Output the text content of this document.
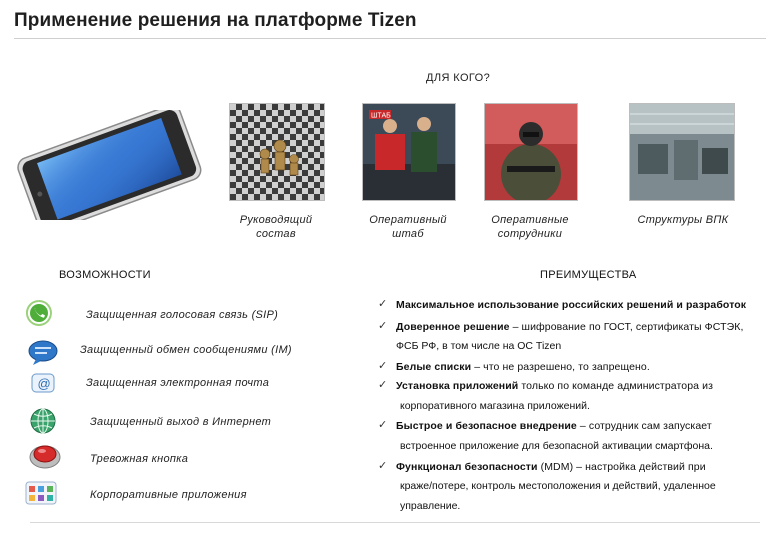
Применение решения на платформе Tizen
ДЛЯ КОГО?
ШТАБ
Руководящий
состав
Оперативный
штаб
Оперативные
сотрудники
Структуры ВПК
ВОЗМОЖНОСТИ	ПРЕИМУЩЕСТВА
@
Защищенная голосовая связь (SIP)
Защищенный обмен сообщениями (IM)
Защищенная электронная почта
Защищенный выход в Интернет
Тревожная кнопка
Корпоративные приложения
✓ Максимальное использование российских решений и разработок
✓ Доверенное решение – шифрование по ГОСТ, сертификаты ФСТЭК,
ФСБ РФ, в том числе на ОС Tizen
✓ Белые списки – что не разрешено, то запрещено.
✓ Установка приложений только по команде администратора из
корпоративного магазина приложений.
✓ Быстрое и безопасное внедрение – сотрудник сам запускает
встроенное приложение для безопасной активации смартфона.
✓ Функционал безопасности (MDM) – настройка действий при
краже/потере, контроль местоположения и действий, удаленное
управление.
